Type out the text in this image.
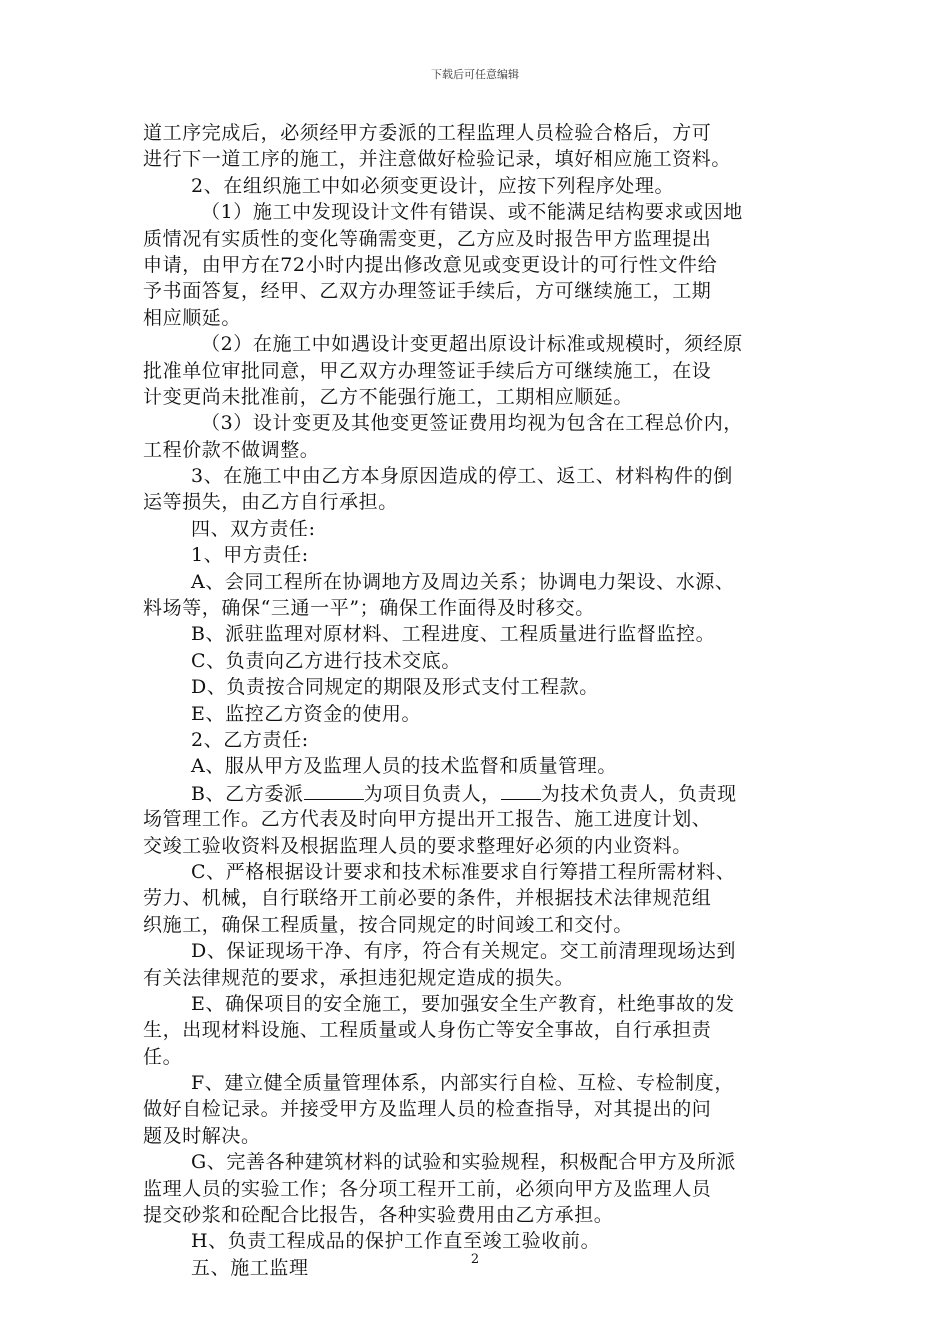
下载后可任意编辑
道工序完成后，必须经甲方委派的工程监理人员检验合格后，方可
进行下一道工序的施工，并注意做好检验记录，填好相应施工资料。
2、在组织施工中如必须变更设计，应按下列程序处理。
（1）施工中发现设计文件有错误、或不能满足结构要求或因地
质情况有实质性的变化等确需变更，乙方应及时报告甲方监理提出
申请，由甲方在72小时内提出修改意见或变更设计的可行性文件给
予书面答复，经甲、乙双方办理签证手续后，方可继续施工，工期
相应顺延。
（2）在施工中如遇设计变更超出原设计标准或规模时，须经原
批准单位审批同意，甲乙双方办理签证手续后方可继续施工，在设
计变更尚未批准前，乙方不能强行施工，工期相应顺延。
（3）设计变更及其他变更签证费用均视为包含在工程总价内，
工程价款不做调整。
3、在施工中由乙方本身原因造成的停工、返工、材料构件的倒
运等损失，由乙方自行承担。
四、双方责任:
1、甲方责任:
A、会同工程所在协调地方及周边关系；协调电力架设、水源、
料场等，确保“三通一平”；确保工作面得及时移交。
B、派驻监理对原材料、工程进度、工程质量进行监督监控。
C、负责向乙方进行技术交底。
D、负责按合同规定的期限及形式支付工程款。
E、监控乙方资金的使用。
2、乙方责任:
A、服从甲方及监理人员的技术监督和质量管理。
B、乙方委派	为项目负责人， 为技术负责人，负责现
场管理工作。乙方代表及时向甲方提出开工报告、施工进度计划、
交竣工验收资料及根据监理人员的要求整理好必须的内业资料。
C、严格根据设计要求和技术标准要求自行筹措工程所需材料、
劳力、机械，自行联络开工前必要的条件，并根据技术法律规范组
织施工，确保工程质量，按合同规定的时间竣工和交付。
D、保证现场干净、有序，符合有关规定。交工前清理现场达到
有关法律规范的要求，承担违犯规定造成的损失。
E、确保项目的安全施工，要加强安全生产教育，杜绝事故的发
生，出现材料设施、工程质量或人身伤亡等安全事故，自行承担责
任。
F、建立健全质量管理体系，内部实行自检、互检、专检制度，
做好自检记录。并接受甲方及监理人员的检查指导，对其提出的问
题及时解决。
G、完善各种建筑材料的试验和实验规程，积极配合甲方及所派
监理人员的实验工作；各分项工程开工前，必须向甲方及监理人员
提交砂浆和砼配合比报告，各种实验费用由乙方承担。
H、负责工程成品的保护工作直至竣工验收前。
五、施工监理	2
